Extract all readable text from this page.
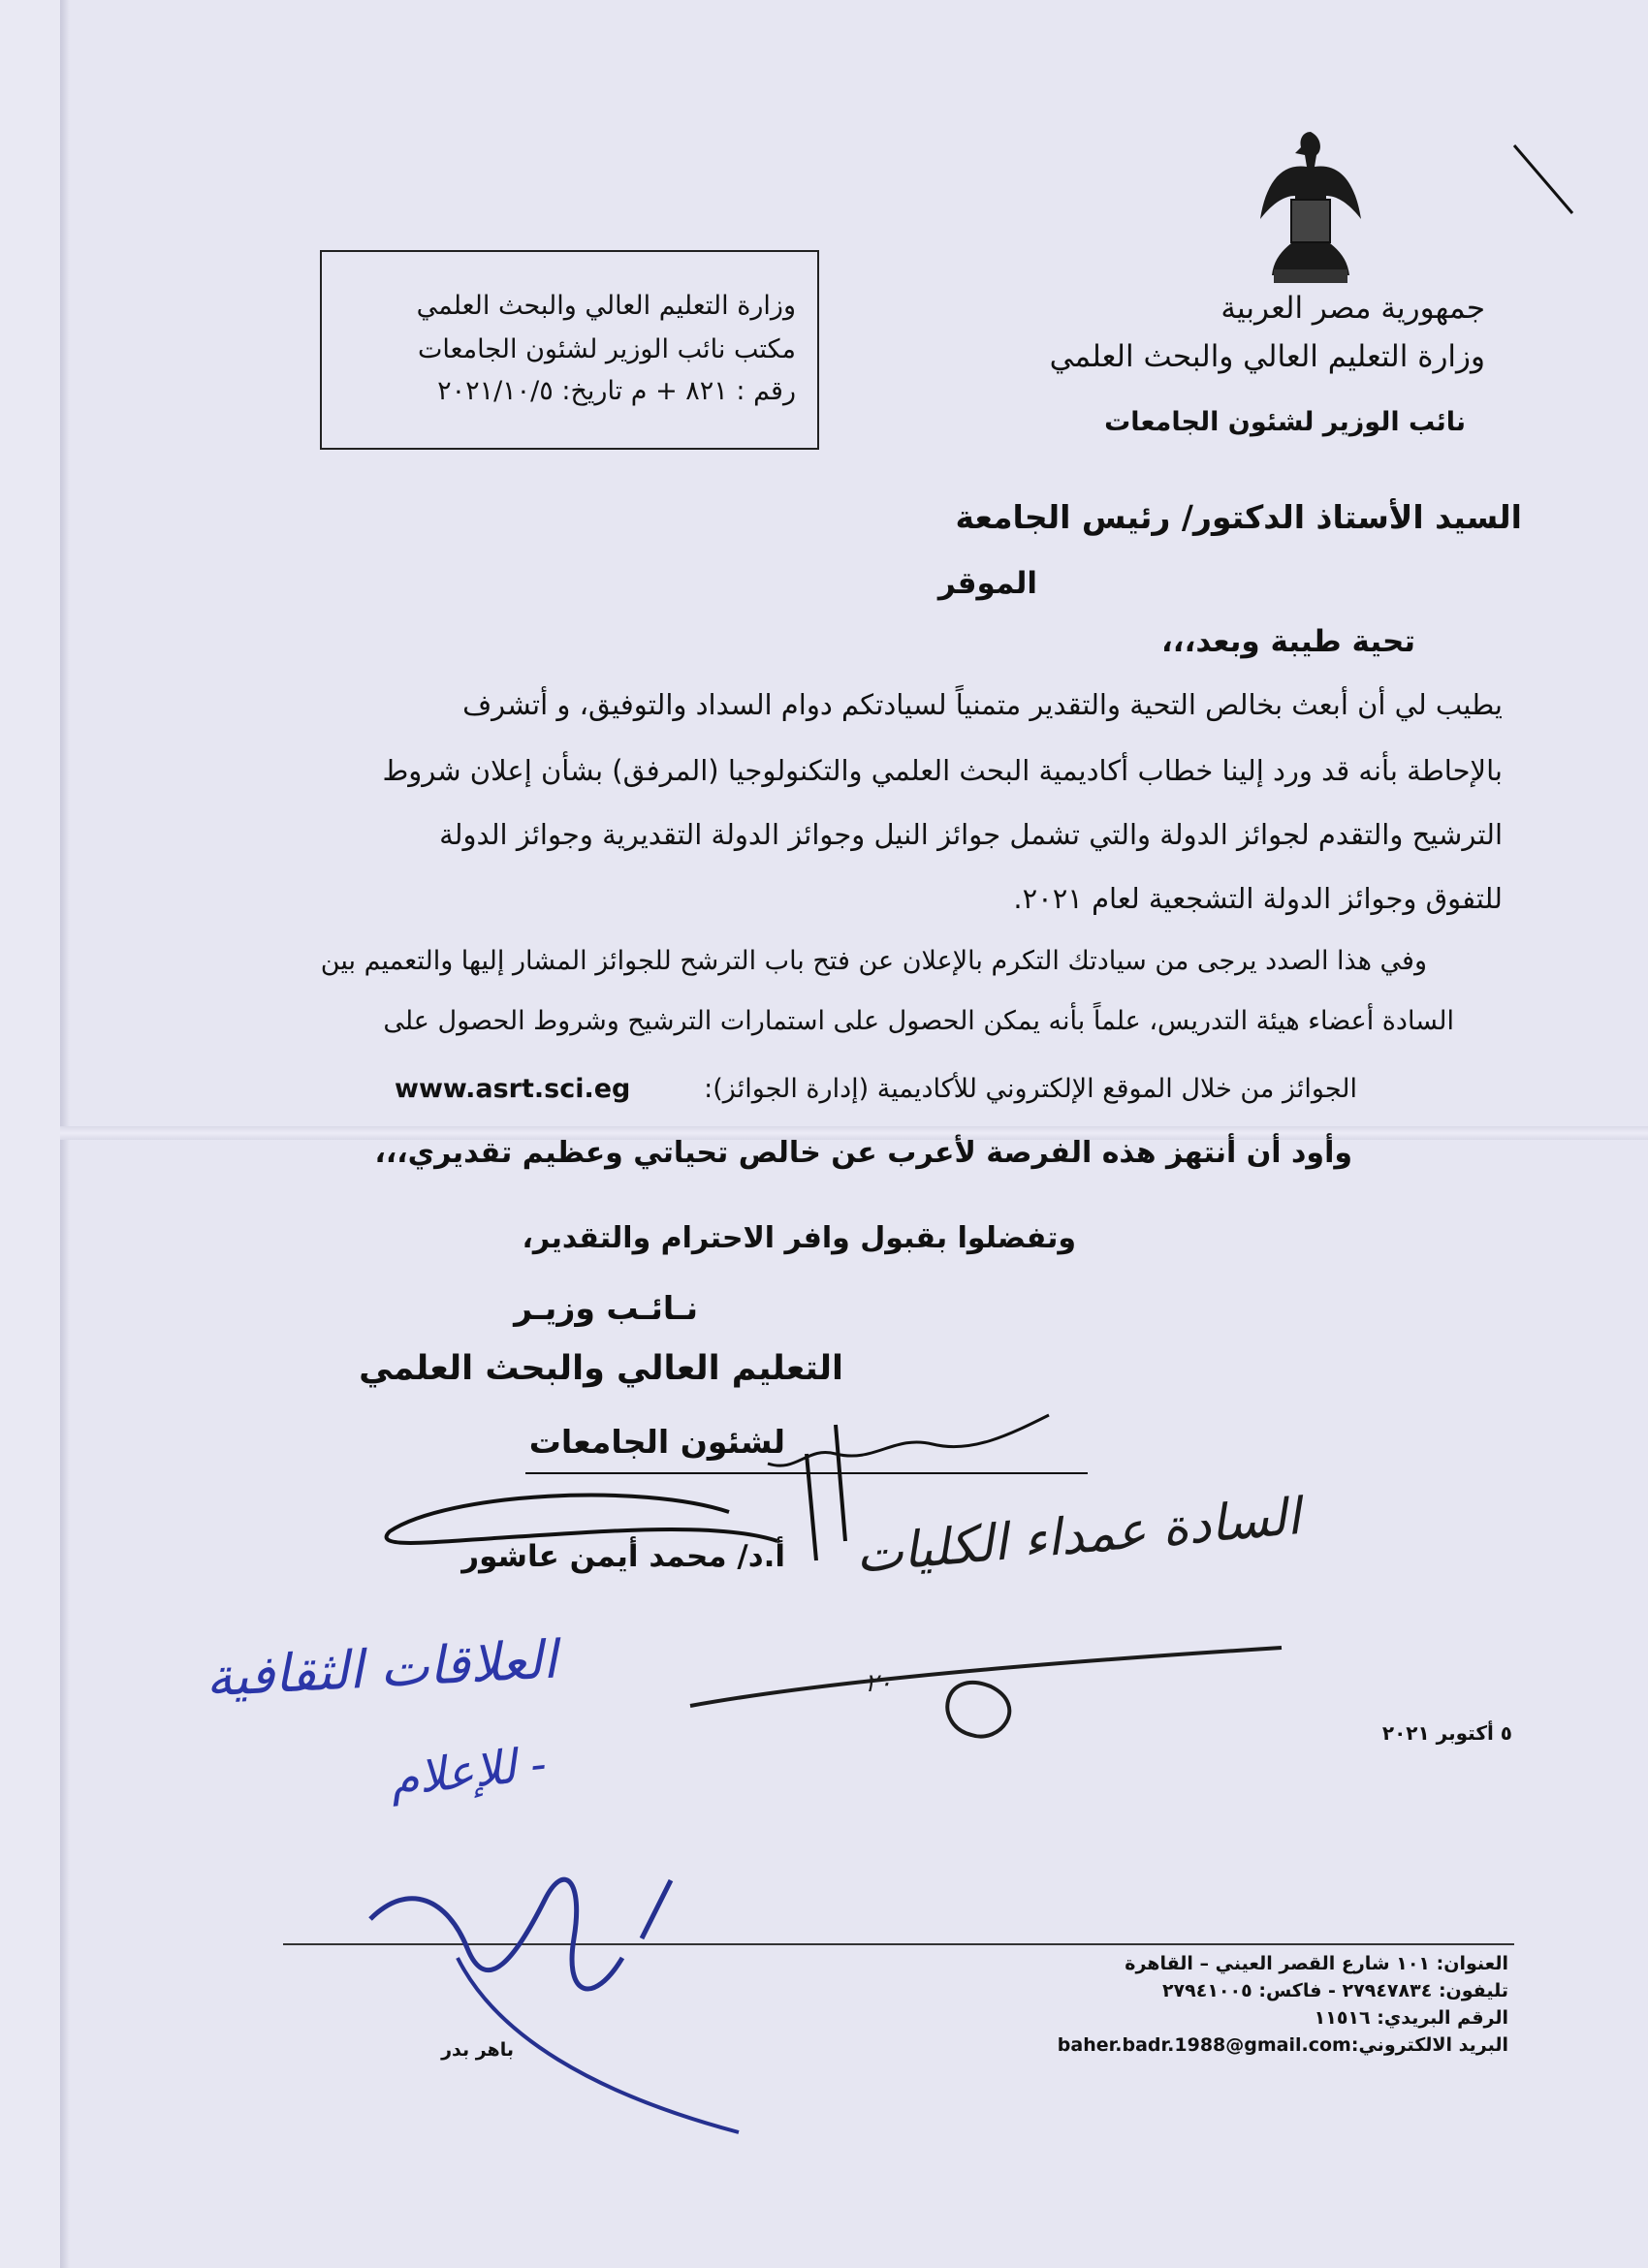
جمهورية مصر العربية
وزارة التعليم العالي والبحث العلمي
نائب الوزير لشئون الجامعات
وزارة التعليم العالي والبحث العلمي
مكتب نائب الوزير لشئون الجامعات
رقم : ٨٢١ + م تاريخ: ٢٠٢١/١٠/٥
السيد الأستاذ الدكتور/ رئيس الجامعة
الموقر
تحية طيبة وبعد،،،
يطيب لي أن أبعث بخالص التحية والتقدير متمنياً لسيادتكم دوام السداد والتوفيق، و أتشرف
بالإحاطة بأنه قد ورد إلينا خطاب أكاديمية البحث العلمي والتكنولوجيا (المرفق) بشأن إعلان شروط
الترشيح والتقدم لجوائز الدولة والتي تشمل جوائز النيل وجوائز الدولة التقديرية وجوائز الدولة
للتفوق وجوائز الدولة التشجعية لعام ٢٠٢١.
وفي هذا الصدد يرجى من سيادتك التكرم بالإعلان عن فتح باب الترشح للجوائز المشار إليها والتعميم بين
السادة أعضاء هيئة التدريس، علماً بأنه يمكن الحصول على استمارات الترشيح وشروط الحصول على
الجوائز من خلال الموقع الإلكتروني للأكاديمية (إدارة الجوائز):
www.asrt.sci.eg
وأود أن أنتهز هذه الفرصة لأعرب عن خالص تحياتي وعظيم تقديري،،،
وتفضلوا بقبول وافر الاحترام والتقدير،
نـائـب وزيـر
التعليم العالي والبحث العلمي
لشئون الجامعات
أ.د/ محمد أيمن عاشور السادة عمداء الكليات
٢٠
العلاقات الثقافية
- للإعلام
٥ أكتوبر ٢٠٢١
العنوان: ١٠١ شارع القصر العيني – القاهرة
تليفون: ٢٧٩٤٧٨٣٤ - فاكس: ٢٧٩٤١٠٠٥
الرقم البريدي: ١١٥١٦
البريد الالكتروني:baher.badr.1988@gmail.com
باهر بدر
